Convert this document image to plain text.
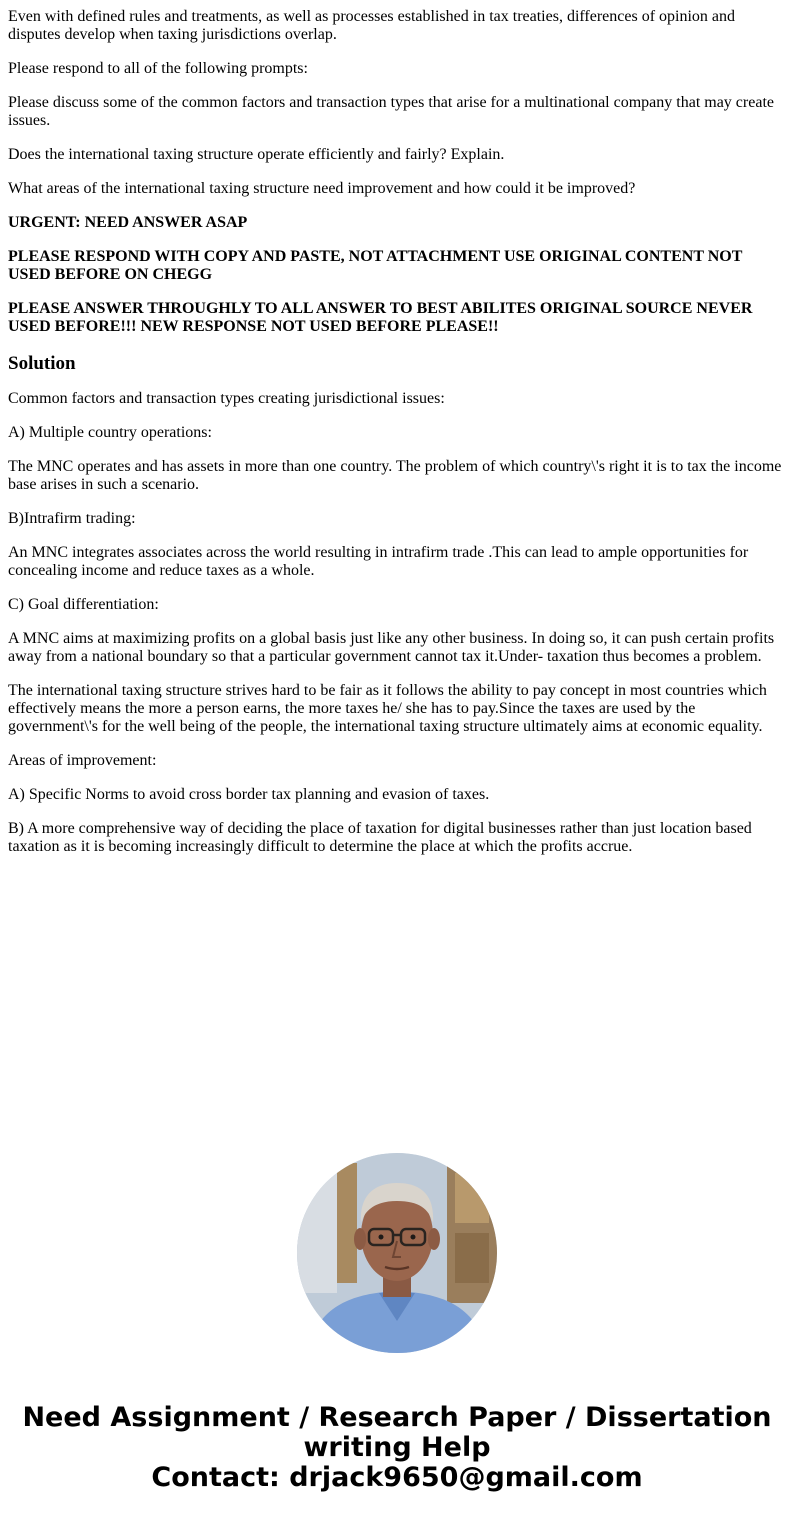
Even with defined rules and treatments, as well as processes established in tax treaties, differences of opinion and disputes develop when taxing jurisdictions overlap.

Please respond to all of the following prompts:

Please discuss some of the common factors and transaction types that arise for a multinational company that may create issues.

Does the international taxing structure operate efficiently and fairly? Explain.

What areas of the international taxing structure need improvement and how could it be improved?

URGENT: NEED ANSWER ASAP

PLEASE RESPOND WITH COPY AND PASTE, NOT ATTACHMENT USE ORIGINAL CONTENT NOT USED BEFORE ON CHEGG

PLEASE ANSWER THROUGHLY TO ALL ANSWER TO BEST ABILITES ORIGINAL SOURCE NEVER USED BEFORE!!! NEW RESPONSE NOT USED BEFORE PLEASE!!

Solution

Common factors and transaction types creating jurisdictional issues:

A) Multiple country operations:

The MNC operates and has assets in more than one country. The problem of which country\'s right it is to tax the income base arises in such a scenario.

B)Intrafirm trading:

An MNC integrates associates across the world resulting in intrafirm trade .This can lead to ample opportunities for concealing income and reduce taxes as a whole.

C) Goal differentiation:

A MNC aims at maximizing profits on a global basis just like any other business. In doing so, it can push certain profits away from a national boundary so that a particular government cannot tax it.Under- taxation thus becomes a problem.

The international taxing structure strives hard to be fair as it follows the ability to pay concept in most countries which effectively means the more a person earns, the more taxes he/ she has to pay.Since the taxes are used by the government\'s for the well being of the people, the international taxing structure ultimately aims at economic equality.

Areas of improvement:

A) Specific Norms to avoid cross border tax planning and evasion of taxes.

B) A more comprehensive way of deciding the place of taxation for digital businesses rather than just location based taxation as it is becoming increasingly difficult to determine the place at which the profits accrue.

Need Assignment / Research Paper / Dissertation
writing Help
Contact: drjack9650@gmail.com
